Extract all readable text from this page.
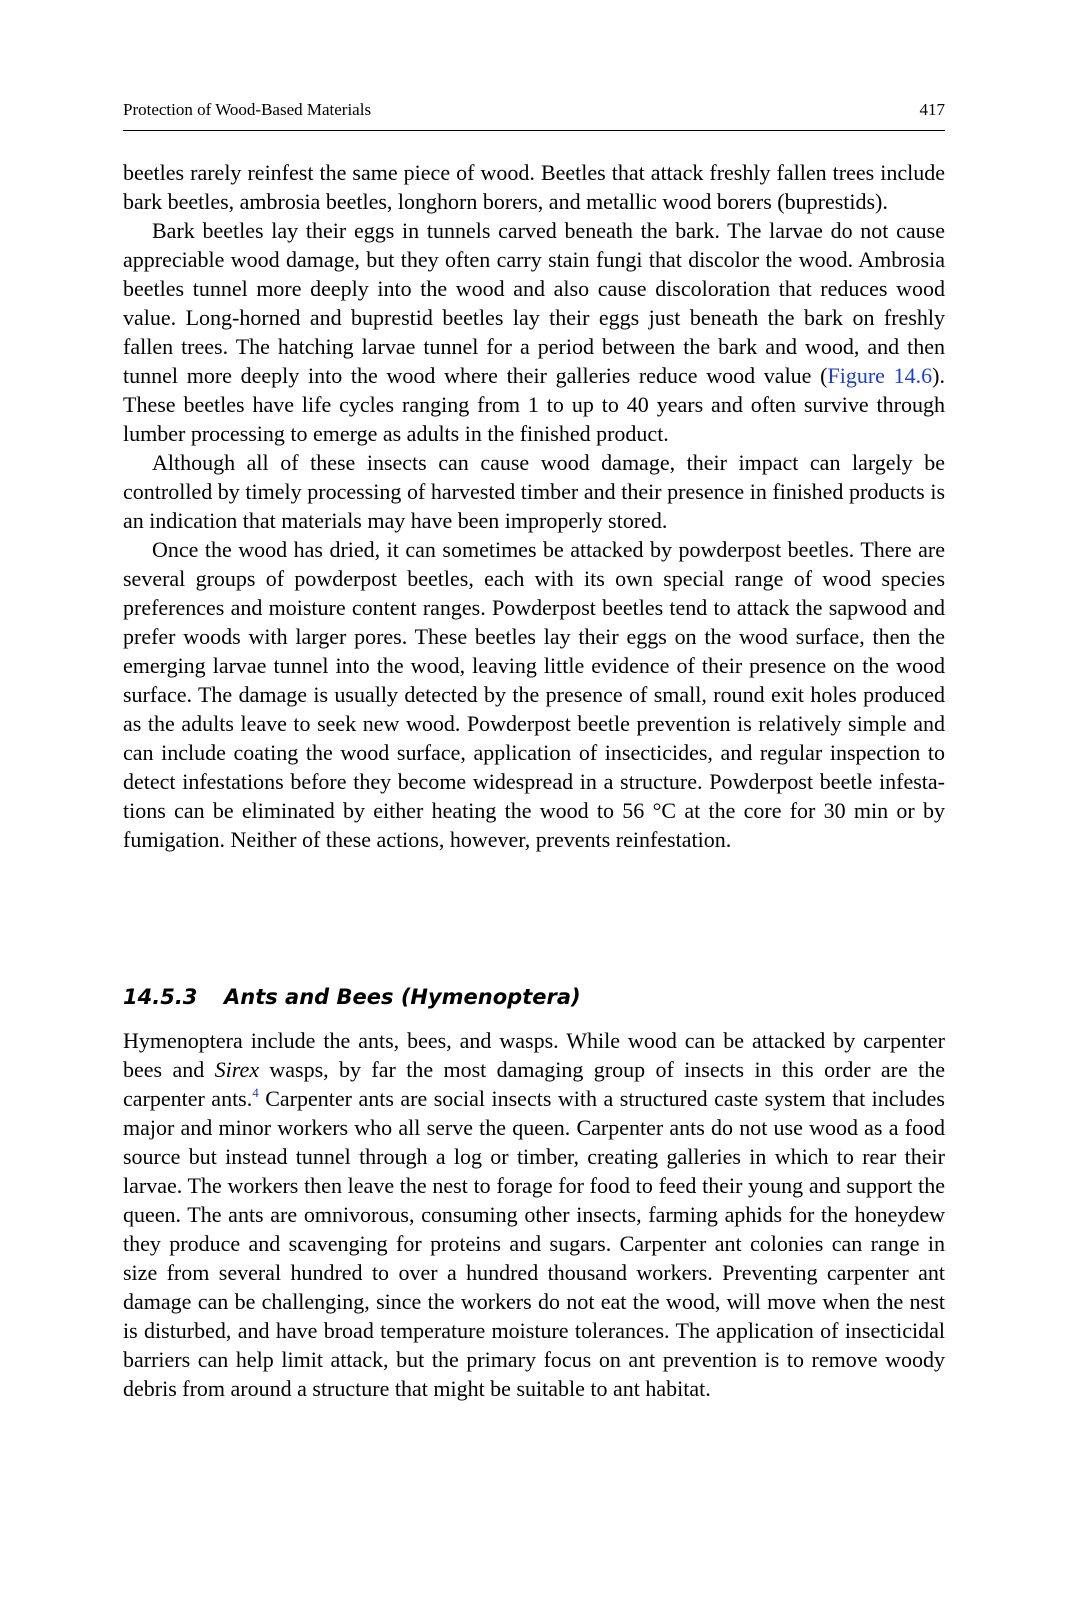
Protection of Wood-Based Materials	417

beetles rarely reinfest the same piece of wood. Beetles that attack freshly fallen trees include bark beetles, ambrosia beetles, longhorn borers, and metallic wood borers (buprestids).

Bark beetles lay their eggs in tunnels carved beneath the bark. The larvae do not cause appreciable wood damage, but they often carry stain fungi that discolor the wood. Ambrosia beetles tunnel more deeply into the wood and also cause discoloration that reduces wood value. Long-horned and buprestid beetles lay their eggs just beneath the bark on freshly fallen trees. The hatching larvae tunnel for a period between the bark and wood, and then tunnel more deeply into the wood where their galleries reduce wood value (Figure 14.6). These beetles have life cycles ranging from 1 to up to 40 years and often survive through lumber processing to emerge as adults in the finished product.

Although all of these insects can cause wood damage, their impact can largely be controlled by timely processing of harvested timber and their presence in finished products is an indication that materials may have been improperly stored.

Once the wood has dried, it can sometimes be attacked by powderpost beetles. There are several groups of powderpost beetles, each with its own special range of wood species preferences and moisture content ranges. Powderpost beetles tend to attack the sapwood and prefer woods with larger pores. These beetles lay their eggs on the wood surface, then the emerging larvae tunnel into the wood, leaving little evidence of their presence on the wood surface. The damage is usually detected by the presence of small, round exit holes produced as the adults leave to seek new wood. Powderpost beetle prevention is relatively simple and can include coating the wood surface, application of insecticides, and regular inspection to detect infestations before they become widespread in a structure. Powderpost beetle infestations can be eliminated by either heating the wood to 56 °C at the core for 30 min or by fumigation. Neither of these actions, however, prevents reinfestation.

14.5.3 Ants and Bees (Hymenoptera)

Hymenoptera include the ants, bees, and wasps. While wood can be attacked by carpenter bees and Sirex wasps, by far the most damaging group of insects in this order are the carpenter ants.$^4$ Carpenter ants are social insects with a structured caste system that includes major and minor workers who all serve the queen. Carpenter ants do not use wood as a food source but instead tunnel through a log or timber, creating galleries in which to rear their larvae. The workers then leave the nest to forage for food to feed their young and support the queen. The ants are omnivorous, consuming other insects, farming aphids for the honeydew they produce and scavenging for proteins and sugars. Carpenter ant colonies can range in size from several hundred to over a hundred thousand workers. Preventing carpenter ant damage can be challenging, since the workers do not eat the wood, will move when the nest is disturbed, and have broad temperature moisture tolerances. The application of insecticidal barriers can help limit attack, but the primary focus on ant prevention is to remove woody debris from around a structure that might be suitable to ant habitat.
